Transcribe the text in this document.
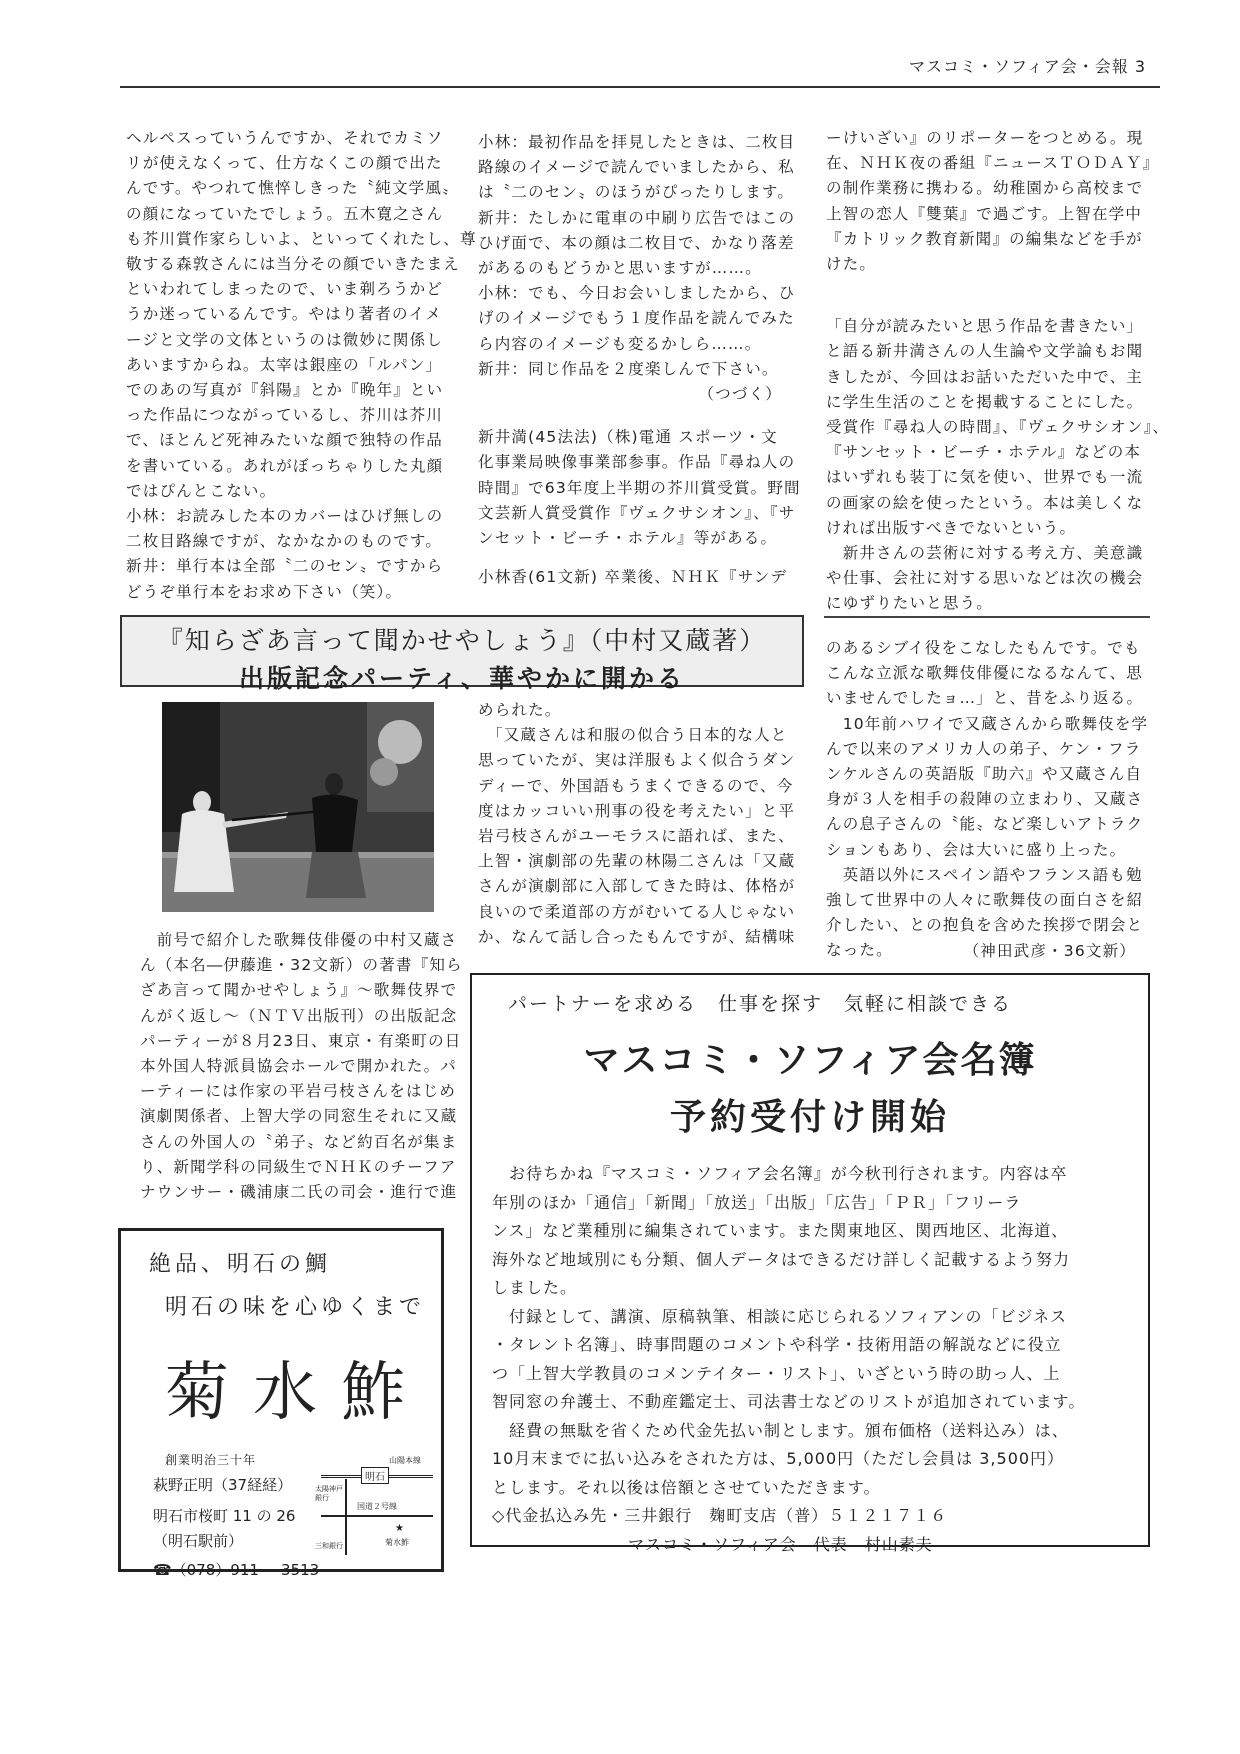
マスコミ・ソフィア会・会報 3

ヘルペスっていうんですか、それでカミソ

リが使えなくって、仕方なくこの顔で出た

んです。やつれて憔悴しきった〝純文学風〟

の顔になっていたでしょう。五木寛之さん

も芥川賞作家らしいよ、といってくれたし、尊

敬する森敦さんには当分その顔でいきたまえ

といわれてしまったので、いま剃ろうかど

うか迷っているんです。やはり著者のイメ

ージと文学の文体というのは微妙に関係し

あいますからね。太宰は銀座の「ルパン」

でのあの写真が『斜陽』とか『晩年』とい

った作品につながっているし、芥川は芥川

で、ほとんど死神みたいな顔で独特の作品

を書いている。あれがぼっちゃりした丸顔

ではぴんとこない。

小林：お読みした本のカバーはひげ無しの

二枚目路線ですが、なかなかのものです。

新井：単行本は全部〝二のセン〟ですから

どうぞ単行本をお求め下さい（笑）。

小林：最初作品を拝見したときは、二枚目

路線のイメージで読んでいましたから、私

は〝二のセン〟のほうがぴったりします。

新井：たしかに電車の中刷り広告ではこの

ひげ面で、本の顔は二枚目で、かなり落差

があるのもどうかと思いますが……。

小林：でも、今日お会いしましたから、ひ

げのイメージでもう１度作品を読んでみた

ら内容のイメージも変るかしら……。

新井：同じ作品を２度楽しんで下さい。

（つづく）

新井満(45法法)（株)電通 スポーツ・文

化事業局映像事業部参事。作品『尋ね人の

時間』で63年度上半期の芥川賞受賞。野間

文芸新人賞受賞作『ヴェクサシオン』、『サ

ンセット・ビーチ・ホテル』等がある。

小林香(61文新) 卒業後、ＮＨＫ『サンデ

ーけいざい』のリポーターをつとめる。現

在、ＮＨＫ夜の番組『ニュースＴＯＤＡＹ』

の制作業務に携わる。幼稚園から高校まで

上智の恋人『雙葉』で過ごす。上智在学中

『カトリック教育新聞』の編集などを手が

けた。

「自分が読みたいと思う作品を書きたい」

と語る新井満さんの人生論や文学論もお聞

きしたが、今回はお話いただいた中で、主

に学生生活のことを掲載することにした。

受賞作『尋ね人の時間』、『ヴェクサシオン』、

『サンセット・ビーチ・ホテル』などの本

はいずれも装丁に気を使い、世界でも一流

の画家の絵を使ったという。本は美しくな

ければ出版すべきでないという。

　新井さんの芸術に対する考え方、美意識

や仕事、会社に対する思いなどは次の機会

にゆずりたいと思う。

『知らざあ言って聞かせやしょう』（中村又蔵著）
出版記念パーティ、華やかに開かる

　前号で紹介した歌舞伎俳優の中村又蔵さ

ん（本名―伊藤進・32文新）の著書『知ら

ざあ言って聞かせやしょう』〜歌舞伎界で

んがく返し〜（ＮＴＶ出版刊）の出版記念

パーティーが８月23日、東京・有楽町の日

本外国人特派員協会ホールで開かれた。パ

ーティーには作家の平岩弓枝さんをはじめ

演劇関係者、上智大学の同窓生それに又蔵

さんの外国人の〝弟子〟など約百名が集ま

り、新聞学科の同級生でＮＨＫのチーフア

ナウンサー・磯浦康二氏の司会・進行で進

められた。

　「又蔵さんは和服の似合う日本的な人と

思っていたが、実は洋服もよく似合うダン

ディーで、外国語もうまくできるので、今

度はカッコいい刑事の役を考えたい」と平

岩弓枝さんがユーモラスに語れば、また、

上智・演劇部の先輩の林陽二さんは「又蔵

さんが演劇部に入部してきた時は、体格が

良いので柔道部の方がむいてる人じゃない

か、なんて話し合ったもんですが、結構味

のあるシブイ役をこなしたもんです。でも

こんな立派な歌舞伎俳優になるなんて、思

いませんでしたョ…」と、昔をふり返る。

　10年前ハワイで又蔵さんから歌舞伎を学

んで以来のアメリカ人の弟子、ケン・フラ

ンケルさんの英語版『助六』や又蔵さん自

身が３人を相手の殺陣の立まわり、又蔵さ

んの息子さんの〝能〟など楽しいアトラク

ションもあり、会は大いに盛り上った。

　英語以外にスペイン語やフランス語も勉

強して世界中の人々に歌舞伎の面白さを紹

介したい、との抱負を含めた挨拶で閉会と

なった。	（神田武彦・36文新）

絶品、明石の鯛
明石の味を心ゆくまで
菊水鮓
創業明治三十年
萩野正明（37経経）
明石市桜町 11 の 26
（明石駅前）
☎（078）911 − 3513
明石
山陽本線
国道２号線
太陽神戸
銀行
三和銀行
★
菊水鮓
パートナーを求める　仕事を探す　気軽に相談できる
マスコミ・ソフィア会名簿
予約受付け開始

　お待ちかね『マスコミ・ソフィア会名簿』が今秋刊行されます。内容は卒

年別のほか「通信」「新聞」「放送」「出版」「広告」「ＰＲ」「フリーラ

ンス」など業種別に編集されています。また関東地区、関西地区、北海道、

海外など地域別にも分類、個人データはできるだけ詳しく記載するよう努力

しました。

　付録として、講演、原稿執筆、相談に応じられるソフィアンの「ビジネス

・タレント名簿」、時事問題のコメントや科学・技術用語の解説などに役立

つ「上智大学教員のコメンテイター・リスト」、いざという時の助っ人、上

智同窓の弁護士、不動産鑑定士、司法書士などのリストが追加されています。

　経費の無駄を省くため代金先払い制とします。頒布価格（送料込み）は、

10月末までに払い込みをされた方は、5,000円（ただし会員は 3,500円）

とします。それ以後は倍額とさせていただきます。

◇代金払込み先・三井銀行　麹町支店（普）５１２１７１６

　　　　　　　　マスコミ・ソフィア会　代表　村山素夫
